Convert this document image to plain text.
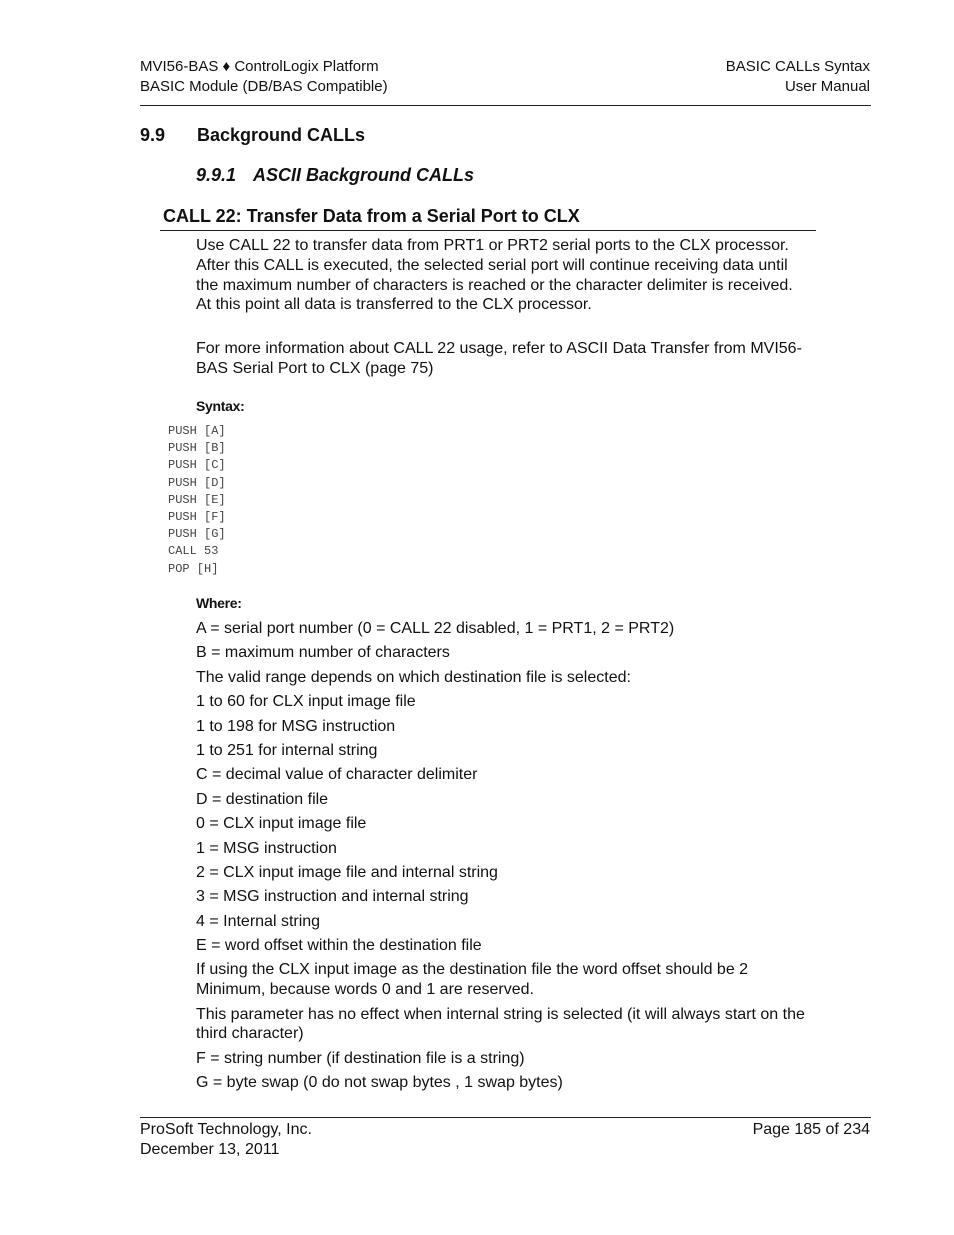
MVI56-BAS ♦ ControlLogix Platform
BASIC Module (DB/BAS Compatible)
BASIC CALLs Syntax
User Manual
9.9 Background CALLs
9.9.1 ASCII Background CALLs
CALL 22: Transfer Data from a Serial Port to CLX
Use CALL 22 to transfer data from PRT1 or PRT2 serial ports to the CLX processor. After this CALL is executed, the selected serial port will continue receiving data until the maximum number of characters is reached or the character delimiter is received. At this point all data is transferred to the CLX processor.
For more information about CALL 22 usage, refer to ASCII Data Transfer from MVI56-BAS Serial Port to CLX (page 75)
Syntax:
PUSH [A]
PUSH [B]
PUSH [C]
PUSH [D]
PUSH [E]
PUSH [F]
PUSH [G]
CALL 53
POP [H]
Where:

A = serial port number (0 = CALL 22 disabled, 1 = PRT1, 2 = PRT2)

B = maximum number of characters

The valid range depends on which destination file is selected:

1 to 60 for CLX input image file

1 to 198 for MSG instruction

1 to 251 for internal string

C = decimal value of character delimiter

D = destination file

0 = CLX input image file

1 = MSG instruction

2 = CLX input image file and internal string

3 = MSG instruction and internal string

4 = Internal string

E = word offset within the destination file

If using the CLX input image as the destination file the word offset should be 2 Minimum, because words 0 and 1 are reserved.

This parameter has no effect when internal string is selected (it will always start on the third character)

F = string number (if destination file is a string)

G = byte swap (0 do not swap bytes , 1 swap bytes)

ProSoft Technology, Inc.
December 13, 2011
Page 185 of 234
